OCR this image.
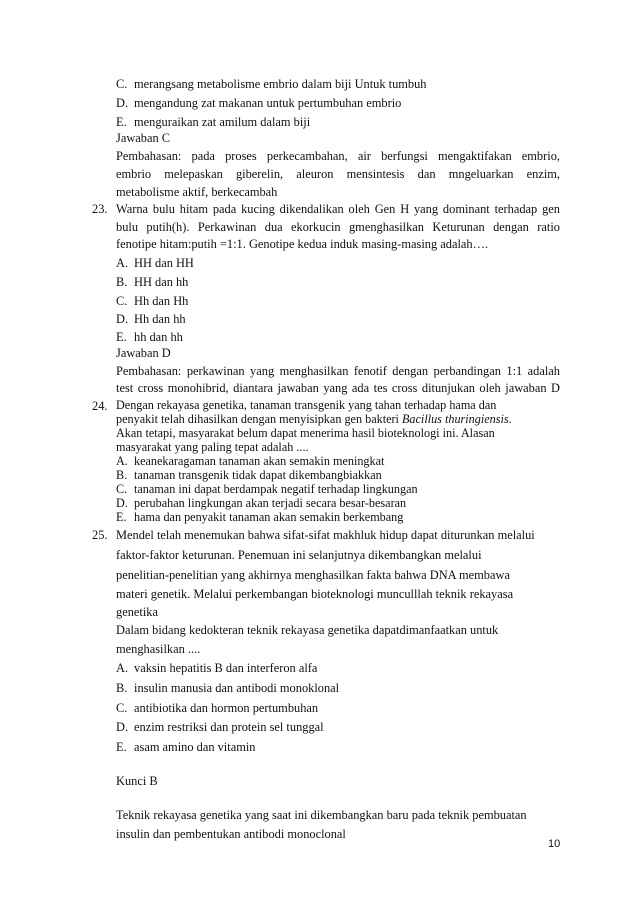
C. merangsang metabolisme embrio dalam biji Untuk tumbuh
D. mengandung zat makanan untuk pertumbuhan embrio
E. menguraikan zat amilum dalam biji
Jawaban C
Pembahasan: pada proses perkecambahan, air berfungsi mengaktifakan embrio,
embrio melepaskan giberelin, aleuron mensintesis dan mngeluarkan enzim,
metabolisme aktif, berkecambah
23. Warna bulu hitam pada kucing dikendalikan oleh Gen H yang dominant terhadap gen
bulu putih(h). Perkawinan dua ekorkucin gmenghasilkan Keturunan dengan ratio
fenotipe hitam:putih =1:1. Genotipe kedua induk masing-masing adalah….
A. HH dan HH
B. HH dan hh
C. Hh dan Hh
D. Hh dan hh
E. hh dan hh
Jawaban D
Pembahasan: perkawinan yang menghasilkan fenotif dengan perbandingan 1:1 adalah
test cross monohibrid, diantara jawaban yang ada tes cross ditunjukan oleh jawaban D
24. Dengan rekayasa genetika, tanaman transgenik yang tahan terhadap hama dan
penyakit telah dihasilkan dengan menyisipkan gen bakteri Bacillus thuringiensis.
Akan tetapi, masyarakat belum dapat menerima hasil bioteknologi ini. Alasan
masyarakat yang paling tepat adalah ....
A. keanekaragaman tanaman akan semakin meningkat
B. tanaman transgenik tidak dapat dikembangbiakkan
C. tanaman ini dapat berdampak negatif terhadap lingkungan
D. perubahan lingkungan akan terjadi secara besar-besaran
E. hama dan penyakit tanaman akan semakin berkembang
25. Mendel telah menemukan bahwa sifat-sifat makhluk hidup dapat diturunkan melalui
faktor-faktor keturunan. Penemuan ini selanjutnya dikembangkan melalui
penelitian-penelitian yang akhirnya menghasilkan fakta bahwa DNA membawa
materi genetik. Melalui perkembangan bioteknologi munculllah teknik rekayasa
genetika
Dalam bidang kedokteran teknik rekayasa genetika dapatdimanfaatkan untuk
menghasilkan ....
A. vaksin hepatitis B dan interferon alfa
B. insulin manusia dan antibodi monoklonal
C. antibiotika dan hormon pertumbuhan
D. enzim restriksi dan protein sel tunggal
E. asam amino dan vitamin
Kunci B
Teknik rekayasa genetika yang saat ini dikembangkan baru pada teknik pembuatan
insulin dan pembentukan antibodi monoclonal
10
